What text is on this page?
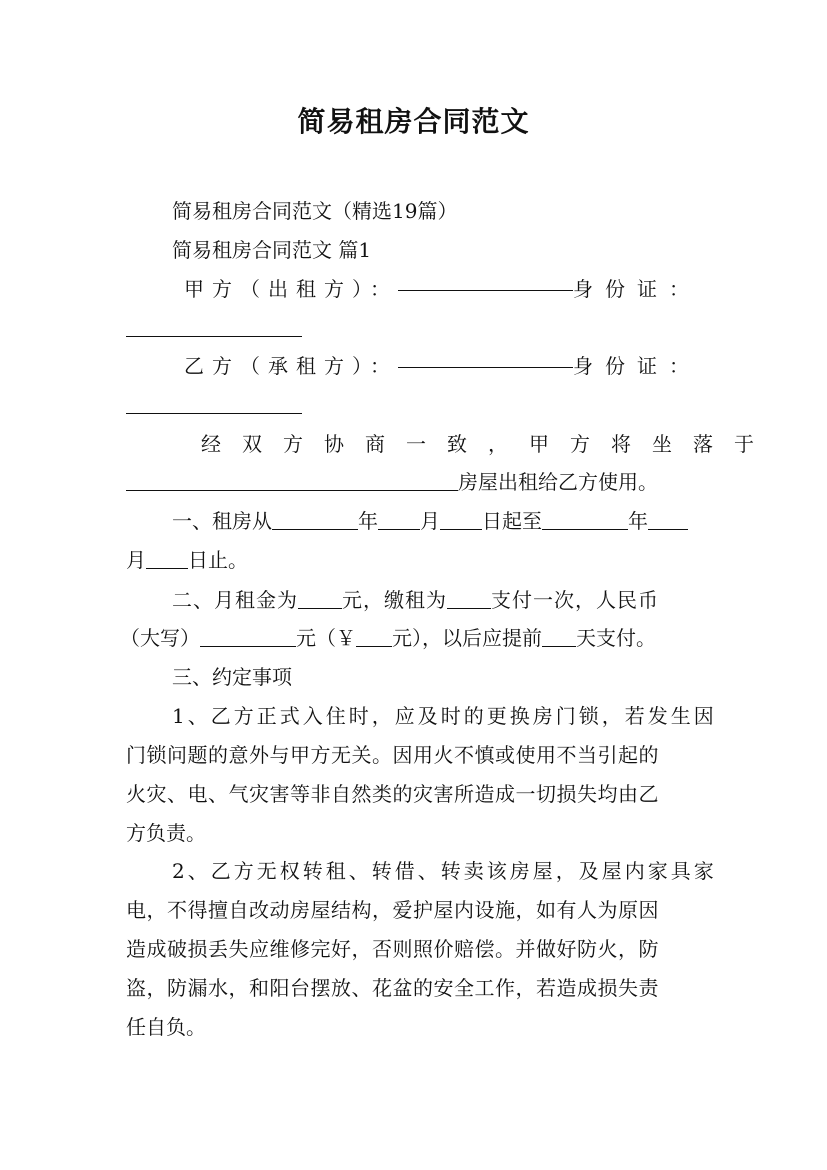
简易租房合同范文
简易租房合同范文（精选19篇）
简易租房合同范文 篇1
甲方（出租方）：	身份证：
乙方（承租方）：	身份证：
经双方协商一致，甲方将坐落于
房屋出租给乙方使用。
一、租房从	年 月 日起至	年
月 日止。
二、月租金为 元，缴租为 支付一次，人民币
（大写）	元（￥ 元），以后应提前 天支付。
三、约定事项
1、乙方正式入住时，应及时的更换房门锁，若发生因
门锁问题的意外与甲方无关。因用火不慎或使用不当引起的
火灾、电、气灾害等非自然类的灾害所造成一切损失均由乙
方负责。
2、乙方无权转租、转借、转卖该房屋，及屋内家具家
电，不得擅自改动房屋结构，爱护屋内设施，如有人为原因
造成破损丢失应维修完好，否则照价赔偿。并做好防火，防
盗，防漏水，和阳台摆放、花盆的安全工作，若造成损失责
任自负。
